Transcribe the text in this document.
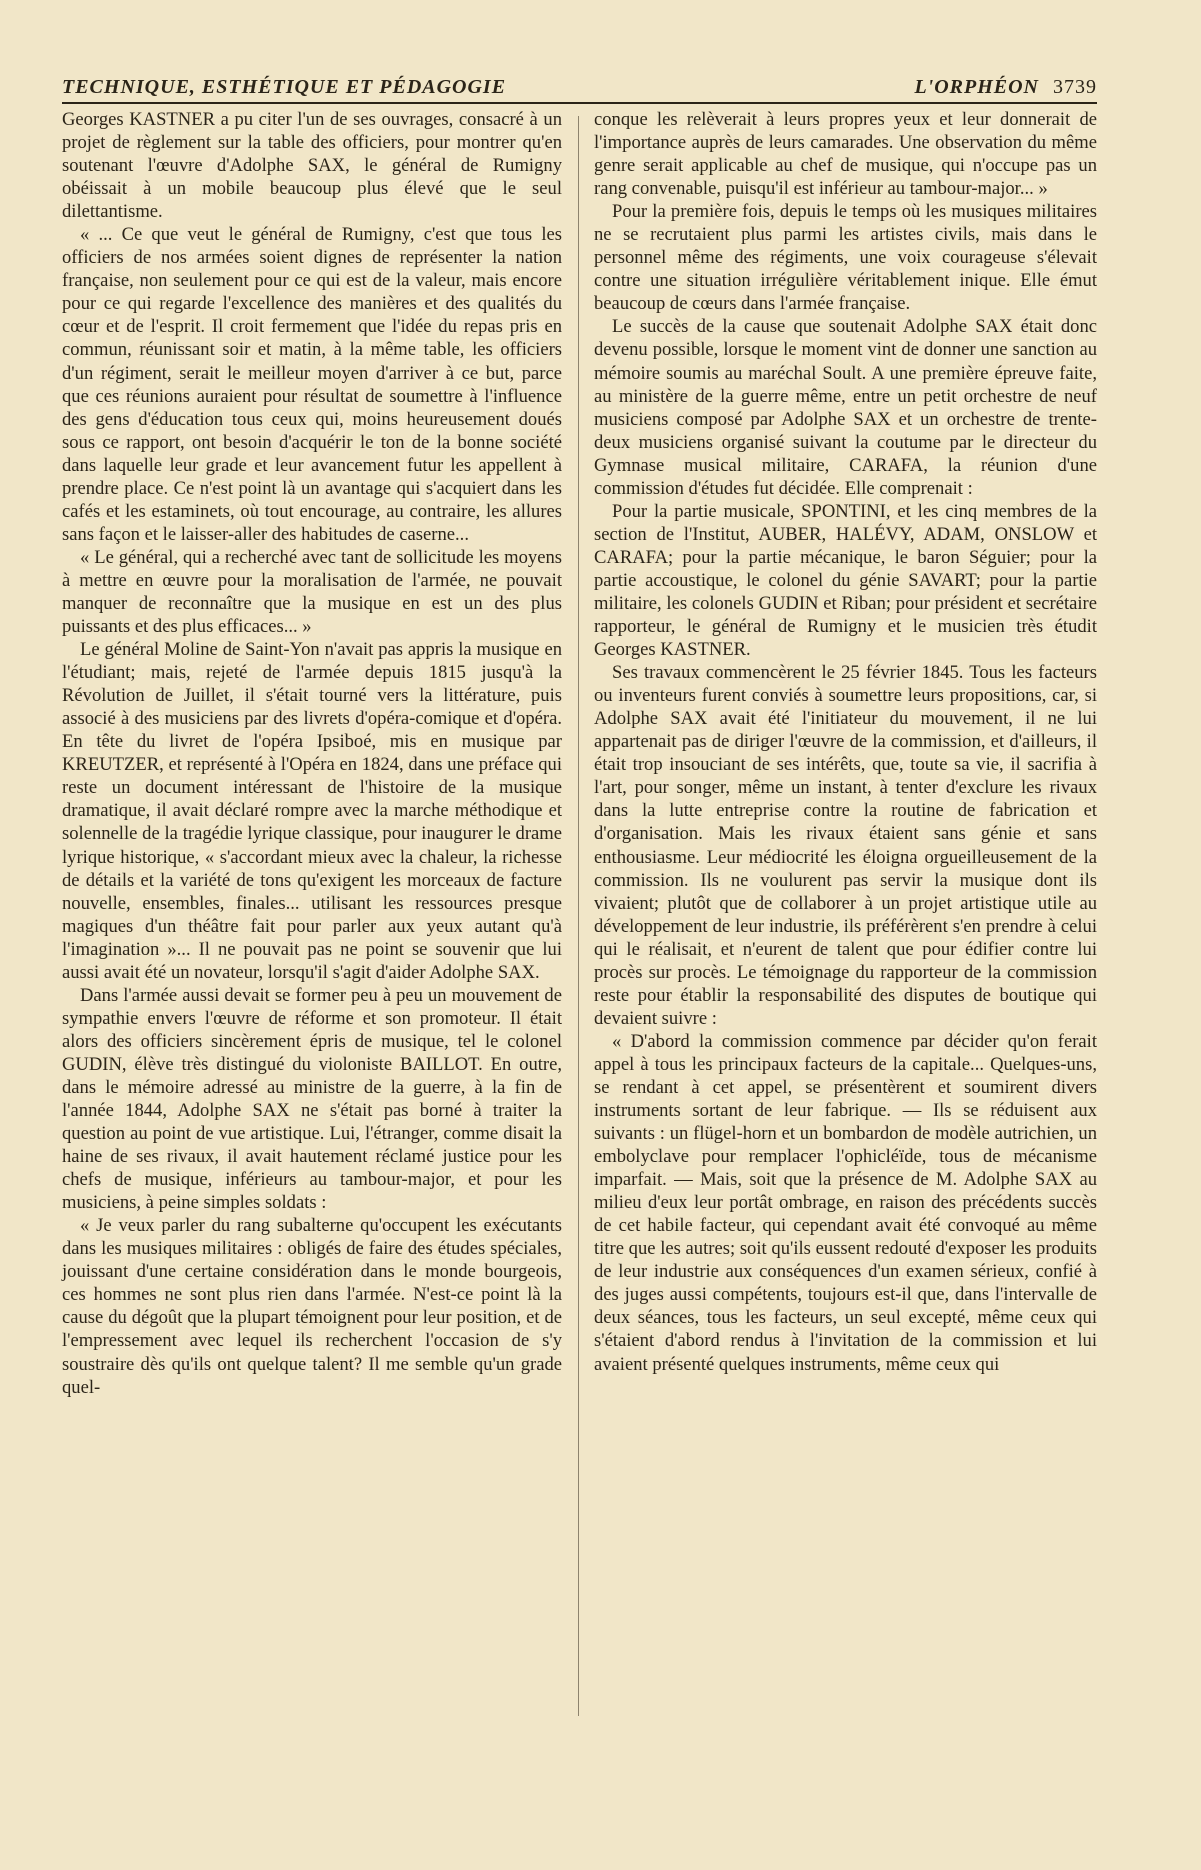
TECHNIQUE, ESTHÉTIQUE ET PÉDAGOGIE	L'ORPHÉON 3739

Georges KASTNER a pu citer l'un de ses ouvrages, consacré à un projet de règlement sur la table des officiers, pour montrer qu'en soutenant l'œuvre d'Adolphe SAX, le général de Rumigny obéissait à un mobile beaucoup plus élevé que le seul dilettantisme.

« ... Ce que veut le général de Rumigny, c'est que tous les officiers de nos armées soient dignes de représenter la nation française, non seulement pour ce qui est de la valeur, mais encore pour ce qui regarde l'excellence des manières et des qualités du cœur et de l'esprit. Il croit fermement que l'idée du repas pris en commun, réunissant soir et matin, à la même table, les officiers d'un régiment, serait le meilleur moyen d'arriver à ce but, parce que ces réunions auraient pour résultat de soumettre à l'influence des gens d'éducation tous ceux qui, moins heureusement doués sous ce rapport, ont besoin d'acquérir le ton de la bonne société dans laquelle leur grade et leur avancement futur les appellent à prendre place. Ce n'est point là un avantage qui s'acquiert dans les cafés et les estaminets, où tout encourage, au contraire, les allures sans façon et le laisser-aller des habitudes de caserne...

« Le général, qui a recherché avec tant de sollicitude les moyens à mettre en œuvre pour la moralisation de l'armée, ne pouvait manquer de reconnaître que la musique en est un des plus puissants et des plus efficaces... »

Le général Moline de Saint-Yon n'avait pas appris la musique en l'étudiant; mais, rejeté de l'armée depuis 1815 jusqu'à la Révolution de Juillet, il s'était tourné vers la littérature, puis associé à des musiciens par des livrets d'opéra-comique et d'opéra. En tête du livret de l'opéra Ipsiboé, mis en musique par KREUTZER, et représenté à l'Opéra en 1824, dans une préface qui reste un document intéressant de l'histoire de la musique dramatique, il avait déclaré rompre avec la marche méthodique et solennelle de la tragédie lyrique classique, pour inaugurer le drame lyrique historique, « s'accordant mieux avec la chaleur, la richesse de détails et la variété de tons qu'exigent les morceaux de facture nouvelle, ensembles, finales... utilisant les ressources presque magiques d'un théâtre fait pour parler aux yeux autant qu'à l'imagination »... Il ne pouvait pas ne point se souvenir que lui aussi avait été un novateur, lorsqu'il s'agit d'aider Adolphe SAX.

Dans l'armée aussi devait se former peu à peu un mouvement de sympathie envers l'œuvre de réforme et son promoteur. Il était alors des officiers sincèrement épris de musique, tel le colonel GUDIN, élève très distingué du violoniste BAILLOT. En outre, dans le mémoire adressé au ministre de la guerre, à la fin de l'année 1844, Adolphe SAX ne s'était pas borné à traiter la question au point de vue artistique. Lui, l'étranger, comme disait la haine de ses rivaux, il avait hautement réclamé justice pour les chefs de musique, inférieurs au tambour-major, et pour les musiciens, à peine simples soldats :

« Je veux parler du rang subalterne qu'occupent les exécutants dans les musiques militaires : obligés de faire des études spéciales, jouissant d'une certaine considération dans le monde bourgeois, ces hommes ne sont plus rien dans l'armée. N'est-ce point là la cause du dégoût que la plupart témoignent pour leur position, et de l'empressement avec lequel ils recherchent l'occasion de s'y soustraire dès qu'ils ont quelque talent? Il me semble qu'un grade quel-

conque les relèverait à leurs propres yeux et leur donnerait de l'importance auprès de leurs camarades. Une observation du même genre serait applicable au chef de musique, qui n'occupe pas un rang convenable, puisqu'il est inférieur au tambour-major... »

Pour la première fois, depuis le temps où les musiques militaires ne se recrutaient plus parmi les artistes civils, mais dans le personnel même des régiments, une voix courageuse s'élevait contre une situation irrégulière véritablement inique. Elle émut beaucoup de cœurs dans l'armée française.

Le succès de la cause que soutenait Adolphe SAX était donc devenu possible, lorsque le moment vint de donner une sanction au mémoire soumis au maréchal Soult. A une première épreuve faite, au ministère de la guerre même, entre un petit orchestre de neuf musiciens composé par Adolphe SAX et un orchestre de trente-deux musiciens organisé suivant la coutume par le directeur du Gymnase musical militaire, CARAFA, la réunion d'une commission d'études fut décidée. Elle comprenait :

Pour la partie musicale, SPONTINI, et les cinq membres de la section de l'Institut, AUBER, HALÉVY, ADAM, ONSLOW et CARAFA; pour la partie mécanique, le baron Séguier; pour la partie accoustique, le colonel du génie SAVART; pour la partie militaire, les colonels GUDIN et Riban; pour président et secrétaire rapporteur, le général de Rumigny et le musicien très étudit Georges KASTNER.

Ses travaux commencèrent le 25 février 1845. Tous les facteurs ou inventeurs furent conviés à soumettre leurs propositions, car, si Adolphe SAX avait été l'initiateur du mouvement, il ne lui appartenait pas de diriger l'œuvre de la commission, et d'ailleurs, il était trop insouciant de ses intérêts, que, toute sa vie, il sacrifia à l'art, pour songer, même un instant, à tenter d'exclure les rivaux dans la lutte entreprise contre la routine de fabrication et d'organisation. Mais les rivaux étaient sans génie et sans enthousiasme. Leur médiocrité les éloigna orgueilleusement de la commission. Ils ne voulurent pas servir la musique dont ils vivaient; plutôt que de collaborer à un projet artistique utile au développement de leur industrie, ils préférèrent s'en prendre à celui qui le réalisait, et n'eurent de talent que pour édifier contre lui procès sur procès. Le témoignage du rapporteur de la commission reste pour établir la responsabilité des disputes de boutique qui devaient suivre :

« D'abord la commission commence par décider qu'on ferait appel à tous les principaux facteurs de la capitale... Quelques-uns, se rendant à cet appel, se présentèrent et soumirent divers instruments sortant de leur fabrique. — Ils se réduisent aux suivants : un flügel-horn et un bombardon de modèle autrichien, un embolyclave pour remplacer l'ophicléïde, tous de mécanisme imparfait. — Mais, soit que la présence de M. Adolphe SAX au milieu d'eux leur portât ombrage, en raison des précédents succès de cet habile facteur, qui cependant avait été convoqué au même titre que les autres; soit qu'ils eussent redouté d'exposer les produits de leur industrie aux conséquences d'un examen sérieux, confié à des juges aussi compétents, toujours est-il que, dans l'intervalle de deux séances, tous les facteurs, un seul excepté, même ceux qui s'étaient d'abord rendus à l'invitation de la commission et lui avaient présenté quelques instruments, même ceux qui
